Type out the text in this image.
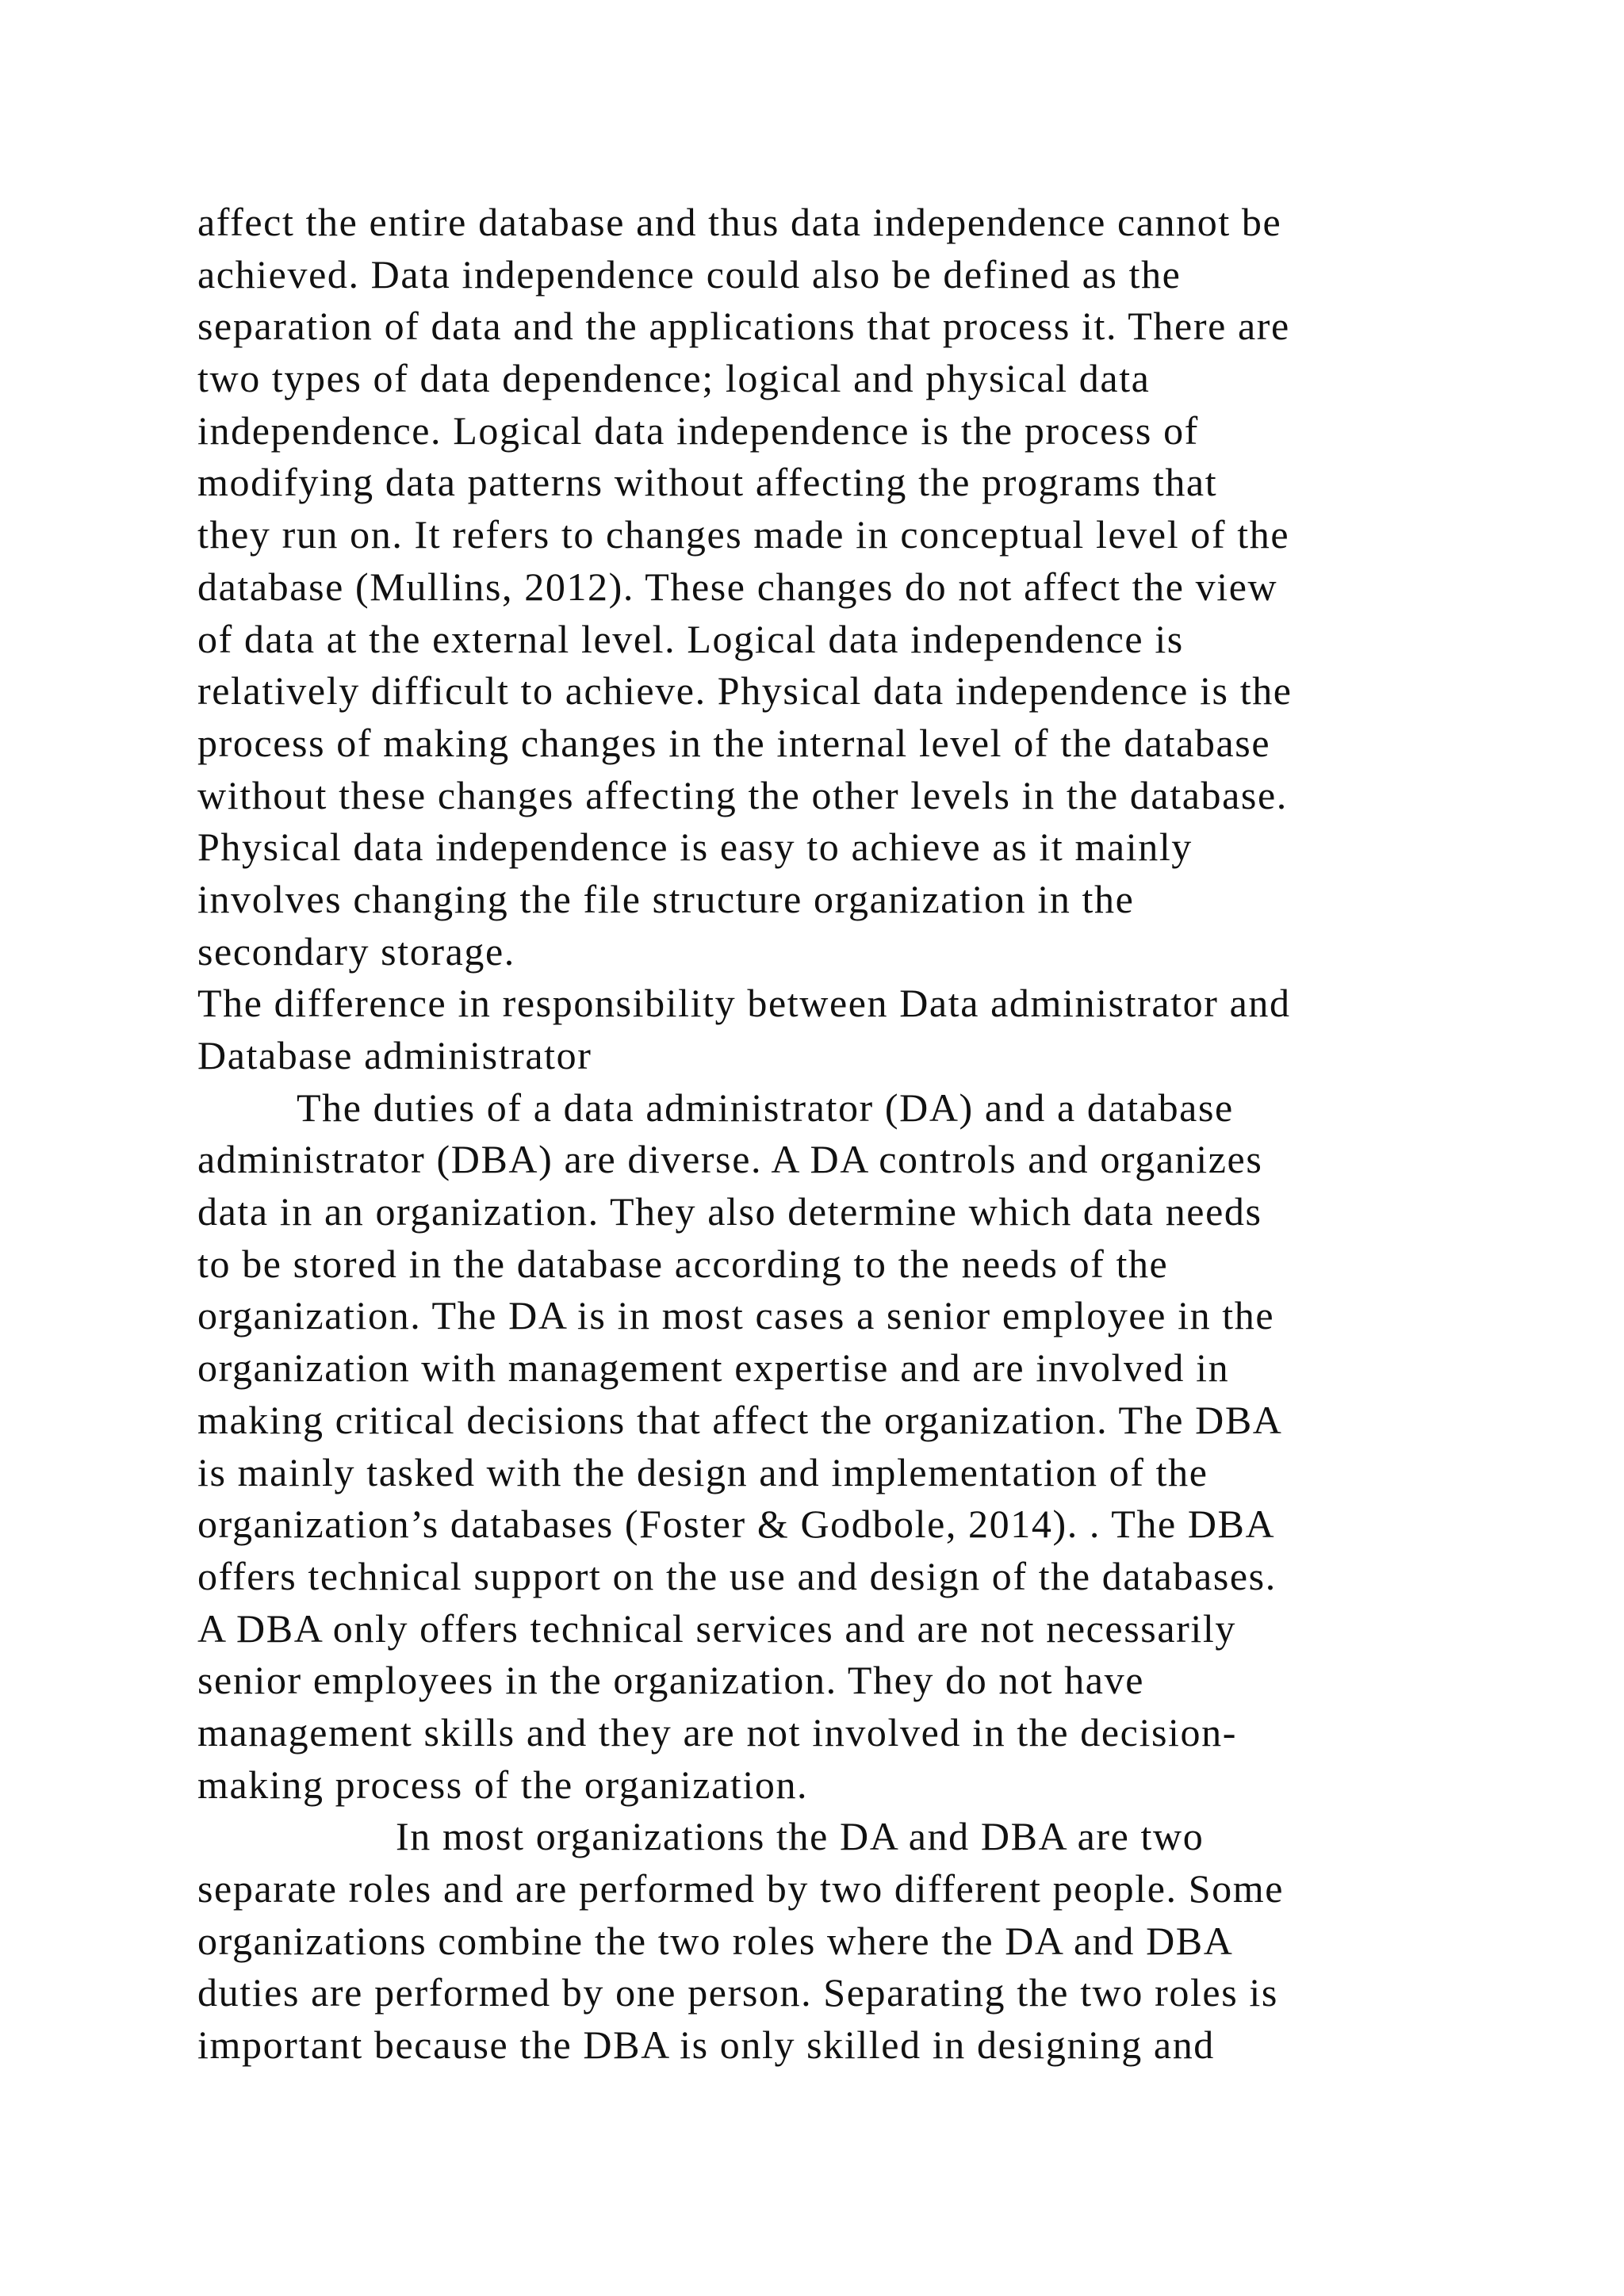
affect the entire database and thus data independence cannot be
achieved. Data independence could also be defined as the
separation of data and the applications that process it. There are
two types of data dependence; logical and physical data
independence. Logical data independence is the process of
modifying data patterns without affecting the programs that
they run on. It refers to changes made in conceptual level of the
database (Mullins, 2012). These changes do not affect the view
of data at the external level. Logical data independence is
relatively difficult to achieve. Physical data independence is the
process of making changes in the internal level of the database
without these changes affecting the other levels in the database.
Physical data independence is easy to achieve as it mainly
involves changing the file structure organization in the
secondary storage.
The difference in responsibility between Data administrator and
Database administrator
The duties of a data administrator (DA) and a database
administrator (DBA) are diverse. A DA controls and organizes
data in an organization. They also determine which data needs
to be stored in the database according to the needs of the
organization. The DA is in most cases a senior employee in the
organization with management expertise and are involved in
making critical decisions that affect the organization. The DBA
is mainly tasked with the design and implementation of the
organization’s databases (Foster & Godbole, 2014). . The DBA
offers technical support on the use and design of the databases.
A DBA only offers technical services and are not necessarily
senior employees in the organization. They do not have
management skills and they are not involved in the decision-
making process of the organization.
In most organizations the DA and DBA are two
separate roles and are performed by two different people. Some
organizations combine the two roles where the DA and DBA
duties are performed by one person. Separating the two roles is
important because the DBA is only skilled in designing and
